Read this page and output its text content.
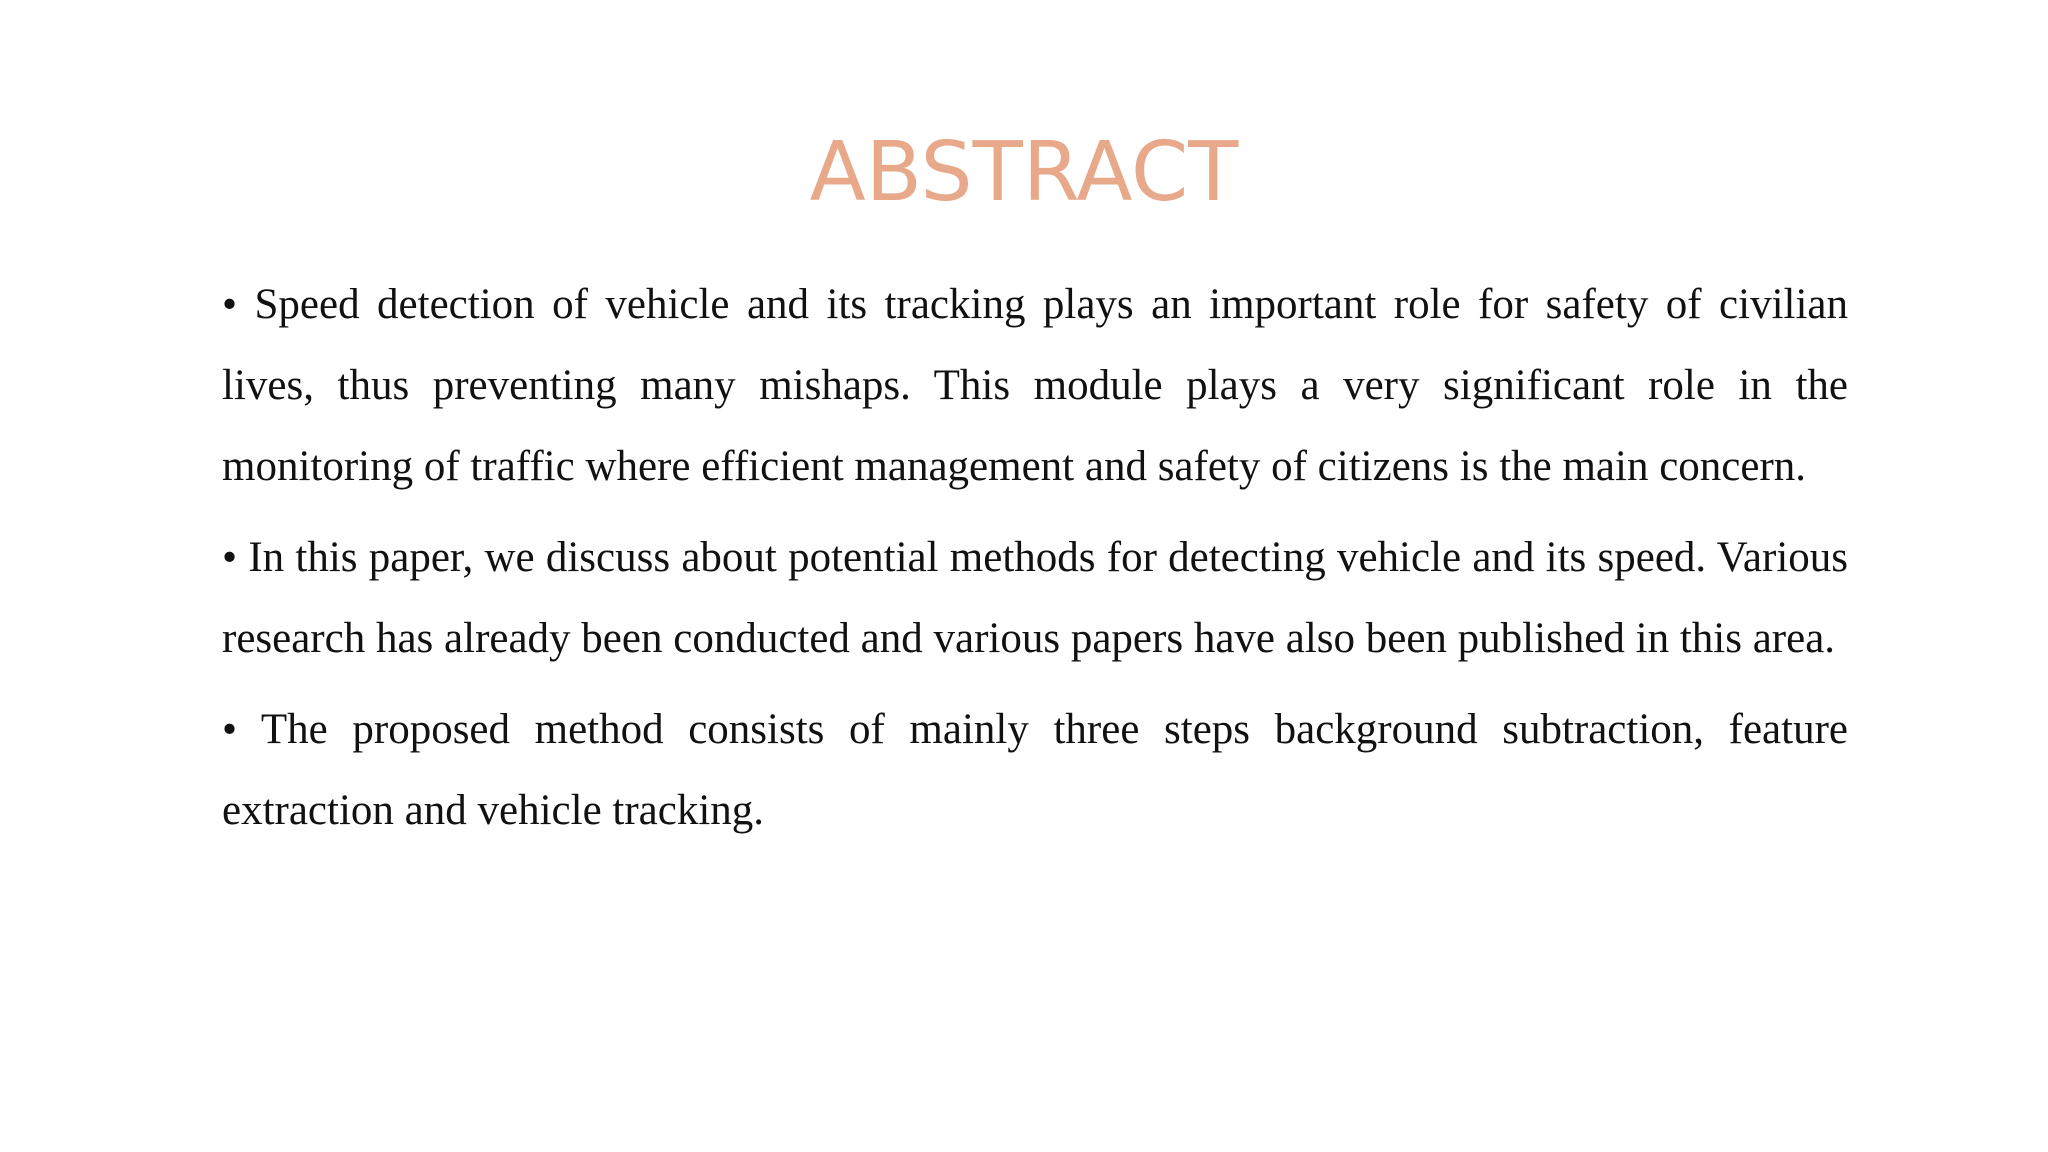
ABSTRACT
• Speed detection of vehicle and its tracking plays an important role for safety of civilian lives, thus preventing many mishaps. This module plays a very significant role in the monitoring of traffic where efficient management and safety of citizens is the main concern.
• In this paper, we discuss about potential methods for detecting vehicle and its speed. Various research has already been conducted and various papers have also been published in this area.
• The proposed method consists of mainly three steps background subtraction, feature extraction and vehicle tracking.
